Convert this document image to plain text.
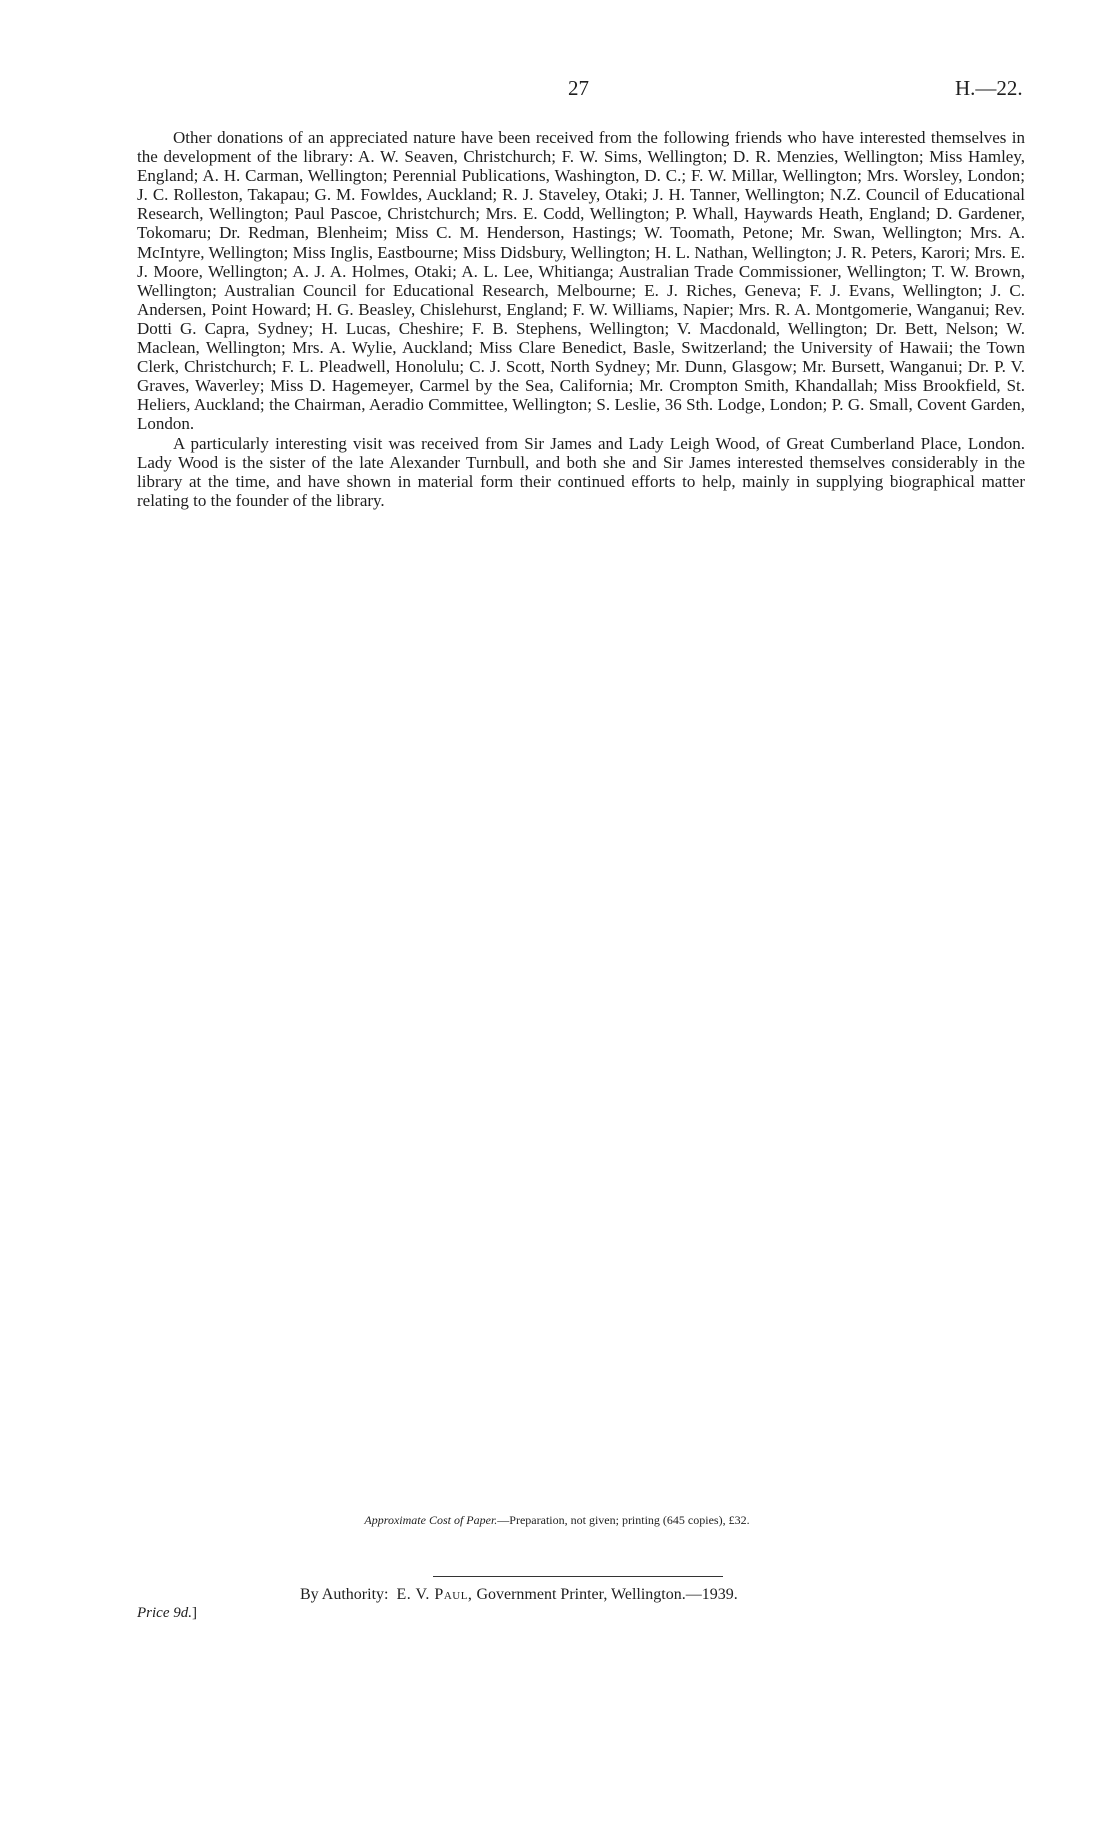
27	H.—22.

Other donations of an appreciated nature have been received from the following friends who have interested themselves in the development of the library: A. W. Seaven, Christchurch; F. W. Sims, Wellington; D. R. Menzies, Wellington; Miss Hamley, England; A. H. Carman, Wellington; Perennial Publications, Washington, D. C.; F. W. Millar, Wellington; Mrs. Worsley, London; J. C. Rolleston, Takapau; G. M. Fowldes, Auckland; R. J. Staveley, Otaki; J. H. Tanner, Wellington; N.Z. Council of Educational Research, Wellington; Paul Pascoe, Christchurch; Mrs. E. Codd, Wellington; P. Whall, Haywards Heath, England; D. Gardener, Tokomaru; Dr. Redman, Blenheim; Miss C. M. Henderson, Hastings; W. Toomath, Petone; Mr. Swan, Wellington; Mrs. A. McIntyre, Wellington; Miss Inglis, Eastbourne; Miss Didsbury, Wellington; H. L. Nathan, Wellington; J. R. Peters, Karori; Mrs. E. J. Moore, Wellington; A. J. A. Holmes, Otaki; A. L. Lee, Whitianga; Australian Trade Commissioner, Wellington; T. W. Brown, Wellington; Australian Council for Educational Research, Melbourne; E. J. Riches, Geneva; F. J. Evans, Wellington; J. C. Andersen, Point Howard; H. G. Beasley, Chislehurst, England; F. W. Williams, Napier; Mrs. R. A. Montgomerie, Wanganui; Rev. Dotti G. Capra, Sydney; H. Lucas, Cheshire; F. B. Stephens, Wellington; V. Macdonald, Wellington; Dr. Bett, Nelson; W. Maclean, Wellington; Mrs. A. Wylie, Auckland; Miss Clare Benedict, Basle, Switzerland; the University of Hawaii; the Town Clerk, Christchurch; F. L. Pleadwell, Honolulu; C. J. Scott, North Sydney; Mr. Dunn, Glasgow; Mr. Bursett, Wanganui; Dr. P. V. Graves, Waverley; Miss D. Hagemeyer, Carmel by the Sea, California; Mr. Crompton Smith, Khandallah; Miss Brookfield, St. Heliers, Auckland; the Chairman, Aeradio Committee, Wellington; S. Leslie, 36 Sth. Lodge, London; P. G. Small, Covent Garden, London.

A particularly interesting visit was received from Sir James and Lady Leigh Wood, of Great Cumberland Place, London. Lady Wood is the sister of the late Alexander Turnbull, and both she and Sir James interested themselves considerably in the library at the time, and have shown in material form their continued efforts to help, mainly in supplying biographical matter relating to the founder of the library.

Approximate Cost of Paper.—Preparation, not given; printing (645 copies), £32.
By Authority: E. V. Paul, Government Printer, Wellington.—1939.
Price 9d.]
